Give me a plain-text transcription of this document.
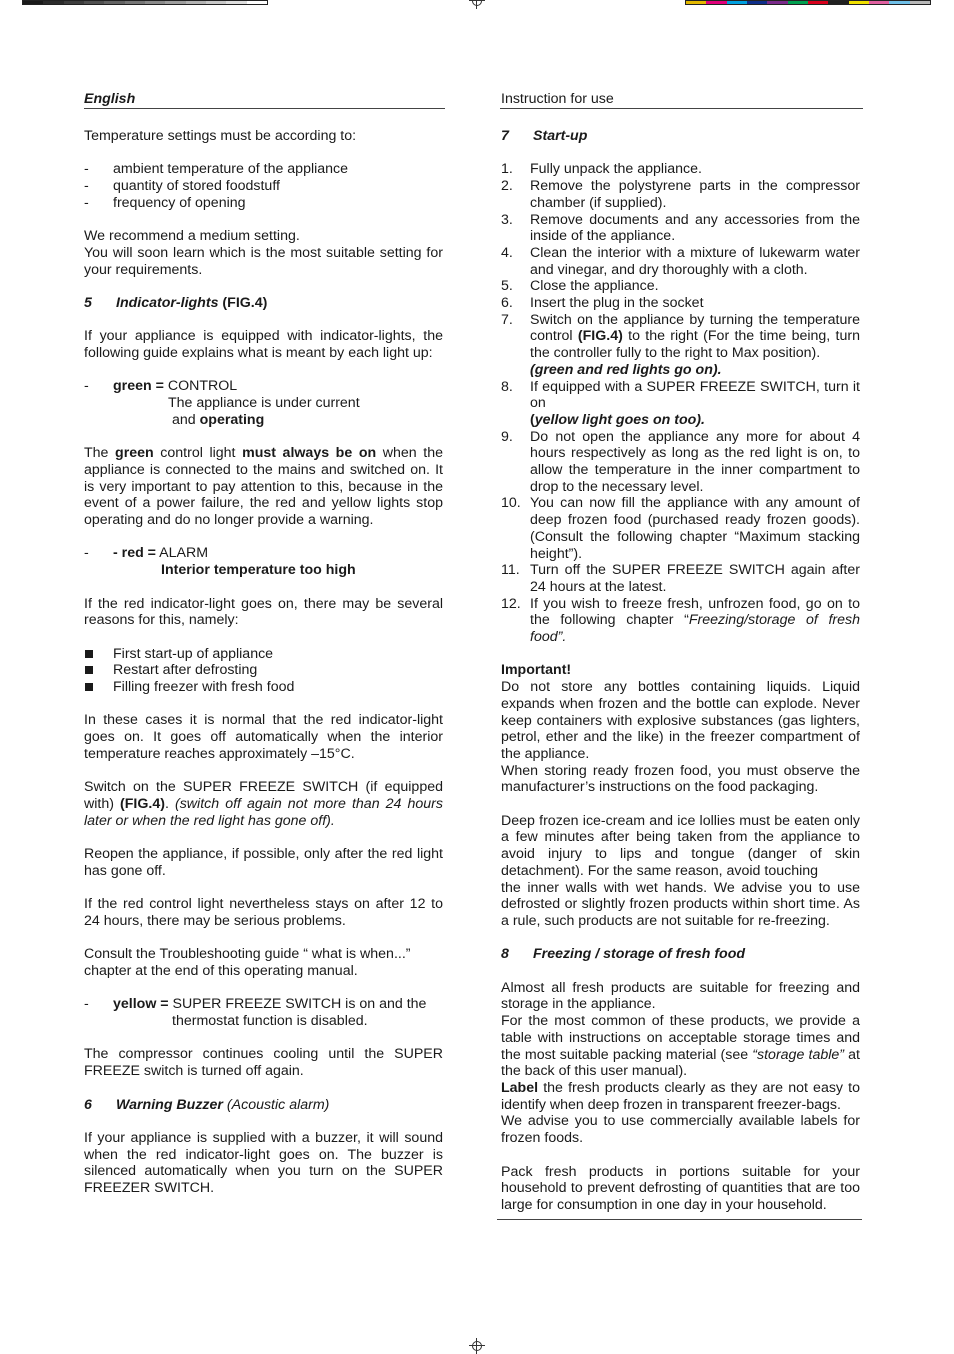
English

Temperature settings must be according to:

- ambient temperature of the appliance
- quantity of stored foodstuff
- frequency of opening

We recommend a medium setting.
You will soon learn which is the most suitable setting for your requirements.

5 Indicator-lights (FIG.4)

If your appliance is equipped with indicator-lights, the following guide explains what is meant by each light up:

- green = CONTROL
The appliance is under current
and operating

The green control light must always be on when the appliance is connected to the mains and switched on. It is very important to pay attention to this, because in the event of a power failure, the red and yellow lights stop operating and do no longer provide a warning.

- - red = ALARM
Interior temperature too high

If the red indicator-light goes on, there may be several reasons for this, namely:

First start-up of appliance
Restart after defrosting
Filling freezer with fresh food

In these cases it is normal that the red indicator-light goes on. It goes off automatically when the interior temperature reaches approximately –15°C.

Switch on the SUPER FREEZE SWITCH (if equipped with) (FIG.4). (switch off again not more than 24 hours later or when the red light has gone off).

Reopen the appliance, if possible, only after the red light has gone off.

If the red control light nevertheless stays on after 12 to 24 hours, there may be serious problems.

Consult the Troubleshooting guide “ what is when...”
chapter at the end of this operating manual.

- yellow = SUPER FREEZE SWITCH is on and the
thermostat function is disabled.

The compressor continues cooling until the SUPER FREEZE switch is turned off again.

6 Warning Buzzer (Acoustic alarm)

If your appliance is supplied with a buzzer, it will sound when the red indicator-light goes on. The buzzer is silenced automatically when you turn on the SUPER FREEZER SWITCH.

Instruction for use
7 Start-up
1. Fully unpack the appliance.
2. Remove the polystyrene parts in the compressor chamber (if supplied).
3. Remove documents and any accessories from the inside of the appliance.
4. Clean the interior with a mixture of lukewarm water and vinegar, and dry thoroughly with a cloth.
5. Close the appliance.
6. Insert the plug in the socket
7. Switch on the appliance by turning the temperature control (FIG.4) to the right (For the time being, turn the controller fully to the right to Max position).
(green and red lights go on).
8. If equipped with a SUPER FREEZE SWITCH, turn it on
(yellow light goes on too).
9. Do not open the appliance any more for about 4 hours respectively as long as the red light is on, to allow the temperature in the inner compartment to drop to the necessary level.
10. You can now fill the appliance with any amount of deep frozen food (purchased ready frozen goods). (Consult the following chapter “Maximum stacking height”).
11. Turn off the SUPER FREEZE SWITCH again after 24 hours at the latest.
12. If you wish to freeze fresh, unfrozen food, go on to the following chapter “Freezing/storage of fresh food”.

Important!

Do not store any bottles containing liquids. Liquid expands when frozen and the bottle can explode. Never keep containers with explosive substances (gas lighters, petrol, ether and the like) in the freezer compartment of the appliance.

When storing ready frozen food, you must observe the manufacturer’s instructions on the food packaging.

Deep frozen ice-cream and ice lollies must be eaten only a few minutes after being taken from the appliance to avoid injury to lips and tongue (danger of skin detachment). For the same reason, avoid touching

the inner walls with wet hands. We advise you to use defrosted or slightly frozen products within short time. As a rule, such products are not suitable for re-freezing.

8 Freezing / storage of fresh food

Almost all fresh products are suitable for freezing and storage in the appliance.

For the most common of these products, we provide a table with instructions on acceptable storage times and the most suitable packing material (see “storage table” at the back of this user manual).

Label the fresh products clearly as they are not easy to identify when deep frozen in transparent freezer-bags.

We advise you to use commercially available labels for frozen foods.

Pack fresh products in portions suitable for your household to prevent defrosting of quantities that are too large for consumption in one day in your household.
